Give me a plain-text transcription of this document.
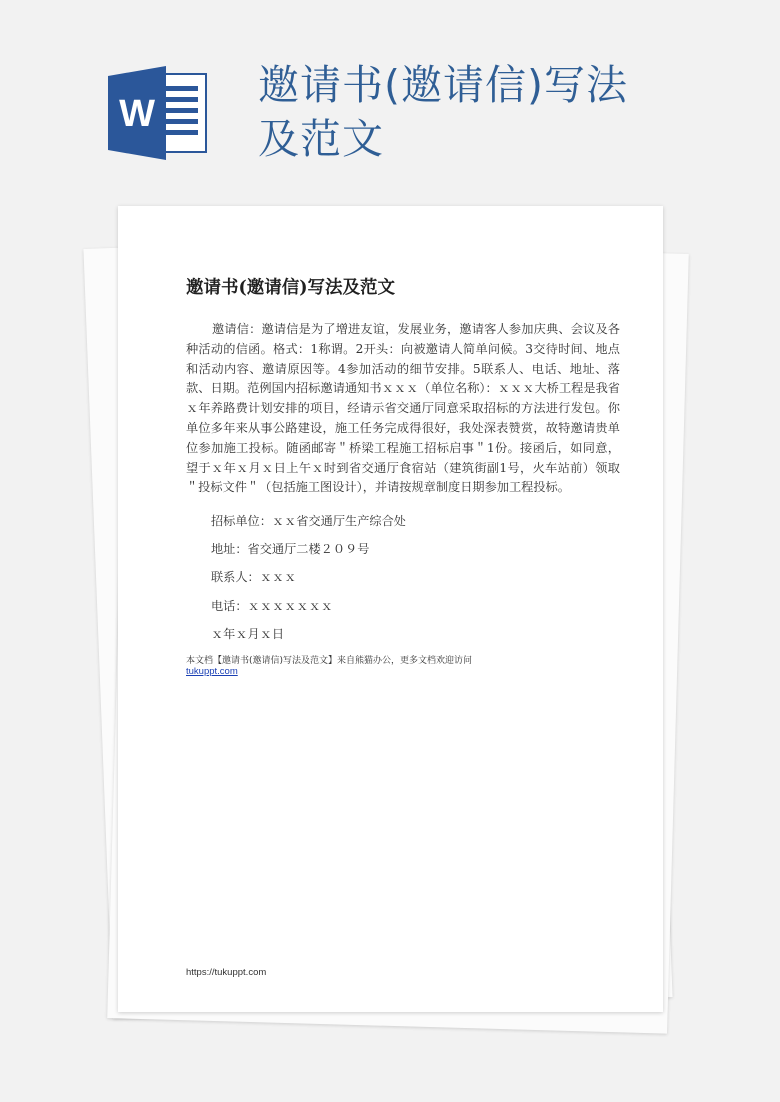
W
邀请书(邀请信)写法
及范文
邀请书(邀请信)写法及范文

邀请信：邀请信是为了增进友谊，发展业务，邀请客人参加庆典、会议及各种活动的信函。格式：1称谓。2开头：向被邀请人简单问候。3交待时间、地点和活动内容、邀请原因等。4参加活动的细节安排。5联系人、电话、地址、落款、日期。范例国内招标邀请通知书ｘｘｘ（单位名称）：ｘｘｘ大桥工程是我省ｘ年养路费计划安排的项目，经请示省交通厅同意采取招标的方法进行发包。你单位多年来从事公路建设，施工任务完成得很好，我处深表赞赏，故特邀请贵单位参加施工投标。随函邮寄＂桥梁工程施工招标启事＂1份。接函后，如同意，望于ｘ年ｘ月ｘ日上午ｘ时到省交通厅食宿站（建筑街副1号，火车站前）领取＂投标文件＂（包括施工图设计），并请按规章制度日期参加工程投标。

招标单位：ｘｘ省交通厅生产综合处

地址：省交通厅二楼２０９号

联系人：ｘｘｘ

电话：ｘｘｘｘｘｘｘ

ｘ年ｘ月ｘ日

本文档【邀请书(邀请信)写法及范文】来自熊猫办公，更多文档欢迎访问

tukuppt.com
https://tukuppt.com
